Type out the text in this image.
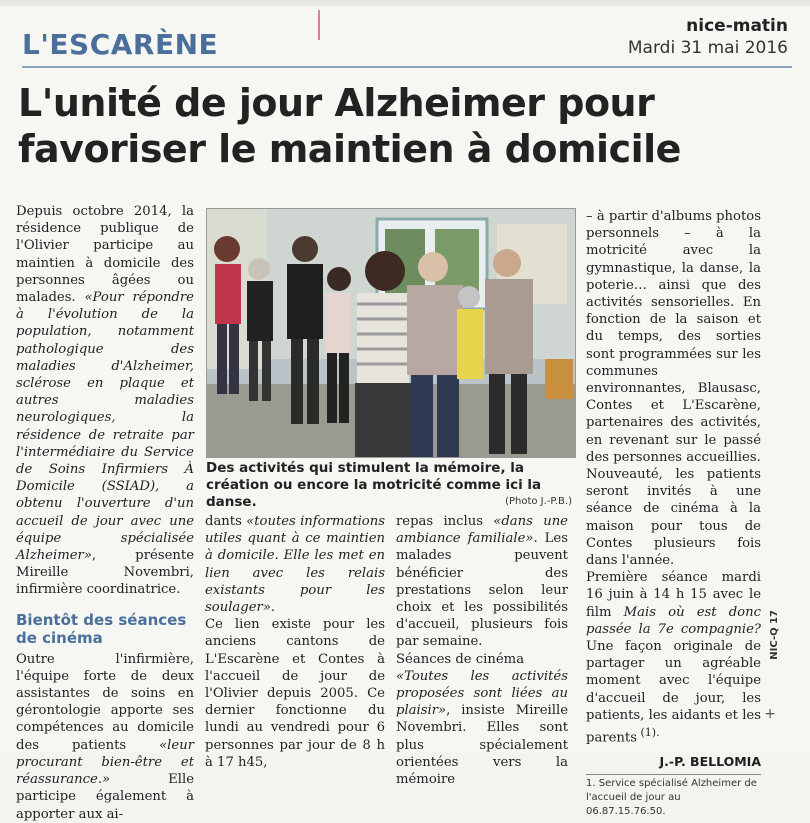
L'ESCARÈNE
nice-matin
Mardi 31 mai 2016
L'unité de jour Alzheimer pour favoriser le maintien à domicile

Depuis octobre 2014, la résidence publique de l'Olivier participe au maintien à domicile des personnes âgées ou malades. «Pour répondre à l'évolution de la population, notamment pathologique des maladies d'Alzheimer, sclérose en plaque et autres maladies neurologiques, la résidence de retraite par l'intermédiaire du Service de Soins Infirmiers À Domicile (SSIAD), a obtenu l'ouverture d'un accueil de jour avec une équipe spécialisée Alzheimer», présente Mireille Novembri, infirmière coordinatrice.

Bientôt des séances de cinéma

Outre l'infirmière, l'équipe forte de deux assistantes de soins en gérontologie apporte ses compétences au domicile des patients «leur procurant bien-être et réassurance.» Elle participe également à apporter aux ai-

Des activités qui stimulent la mémoire, la création ou encore la motricité comme ici la danse.	(Photo J.-P.B.)

dants «toutes informations utiles quant à ce maintien à domicile. Elle les met en lien avec les relais existants pour les soulager».

Ce lien existe pour les anciens cantons de L'Escarène et Contes à l'accueil de jour de l'Olivier depuis 2005. Ce dernier fonctionne du lundi au vendredi pour 6 personnes par jour de 8 h à 17 h45,

repas inclus «dans une ambiance familiale». Les malades peuvent bénéficier des prestations selon leur choix et les possibilités d'accueil, plusieurs fois par semaine.

Séances de cinéma

«Toutes les activités proposées sont liées au plaisir», insiste Mireille Novembri. Elles sont plus spécialement orientées vers la mémoire

– à partir d'albums photos personnels – à la motricité avec la gymnastique, la danse, la poterie… ainsi que des activités sensorielles. En fonction de la saison et du temps, des sorties sont programmées sur les communes environnantes, Blausasc, Contes et L'Escarène, partenaires des activités, en revenant sur le passé des personnes accueillies.

Nouveauté, les patients seront invités à une séance de cinéma à la maison pour tous de Contes plusieurs fois dans l'année.

Première séance mardi 16 juin à 14 h 15 avec le film Mais où est donc passée la 7e compagnie? Une façon originale de partager un agréable moment avec l'équipe d'accueil de jour, les patients, les aidants et les parents $^{(1).}$

J.-P. BELLOMIA
1. Service spécialisé Alzheimer de l'accueil de jour au 06.87.15.76.50.
NIC-Q 17
+
